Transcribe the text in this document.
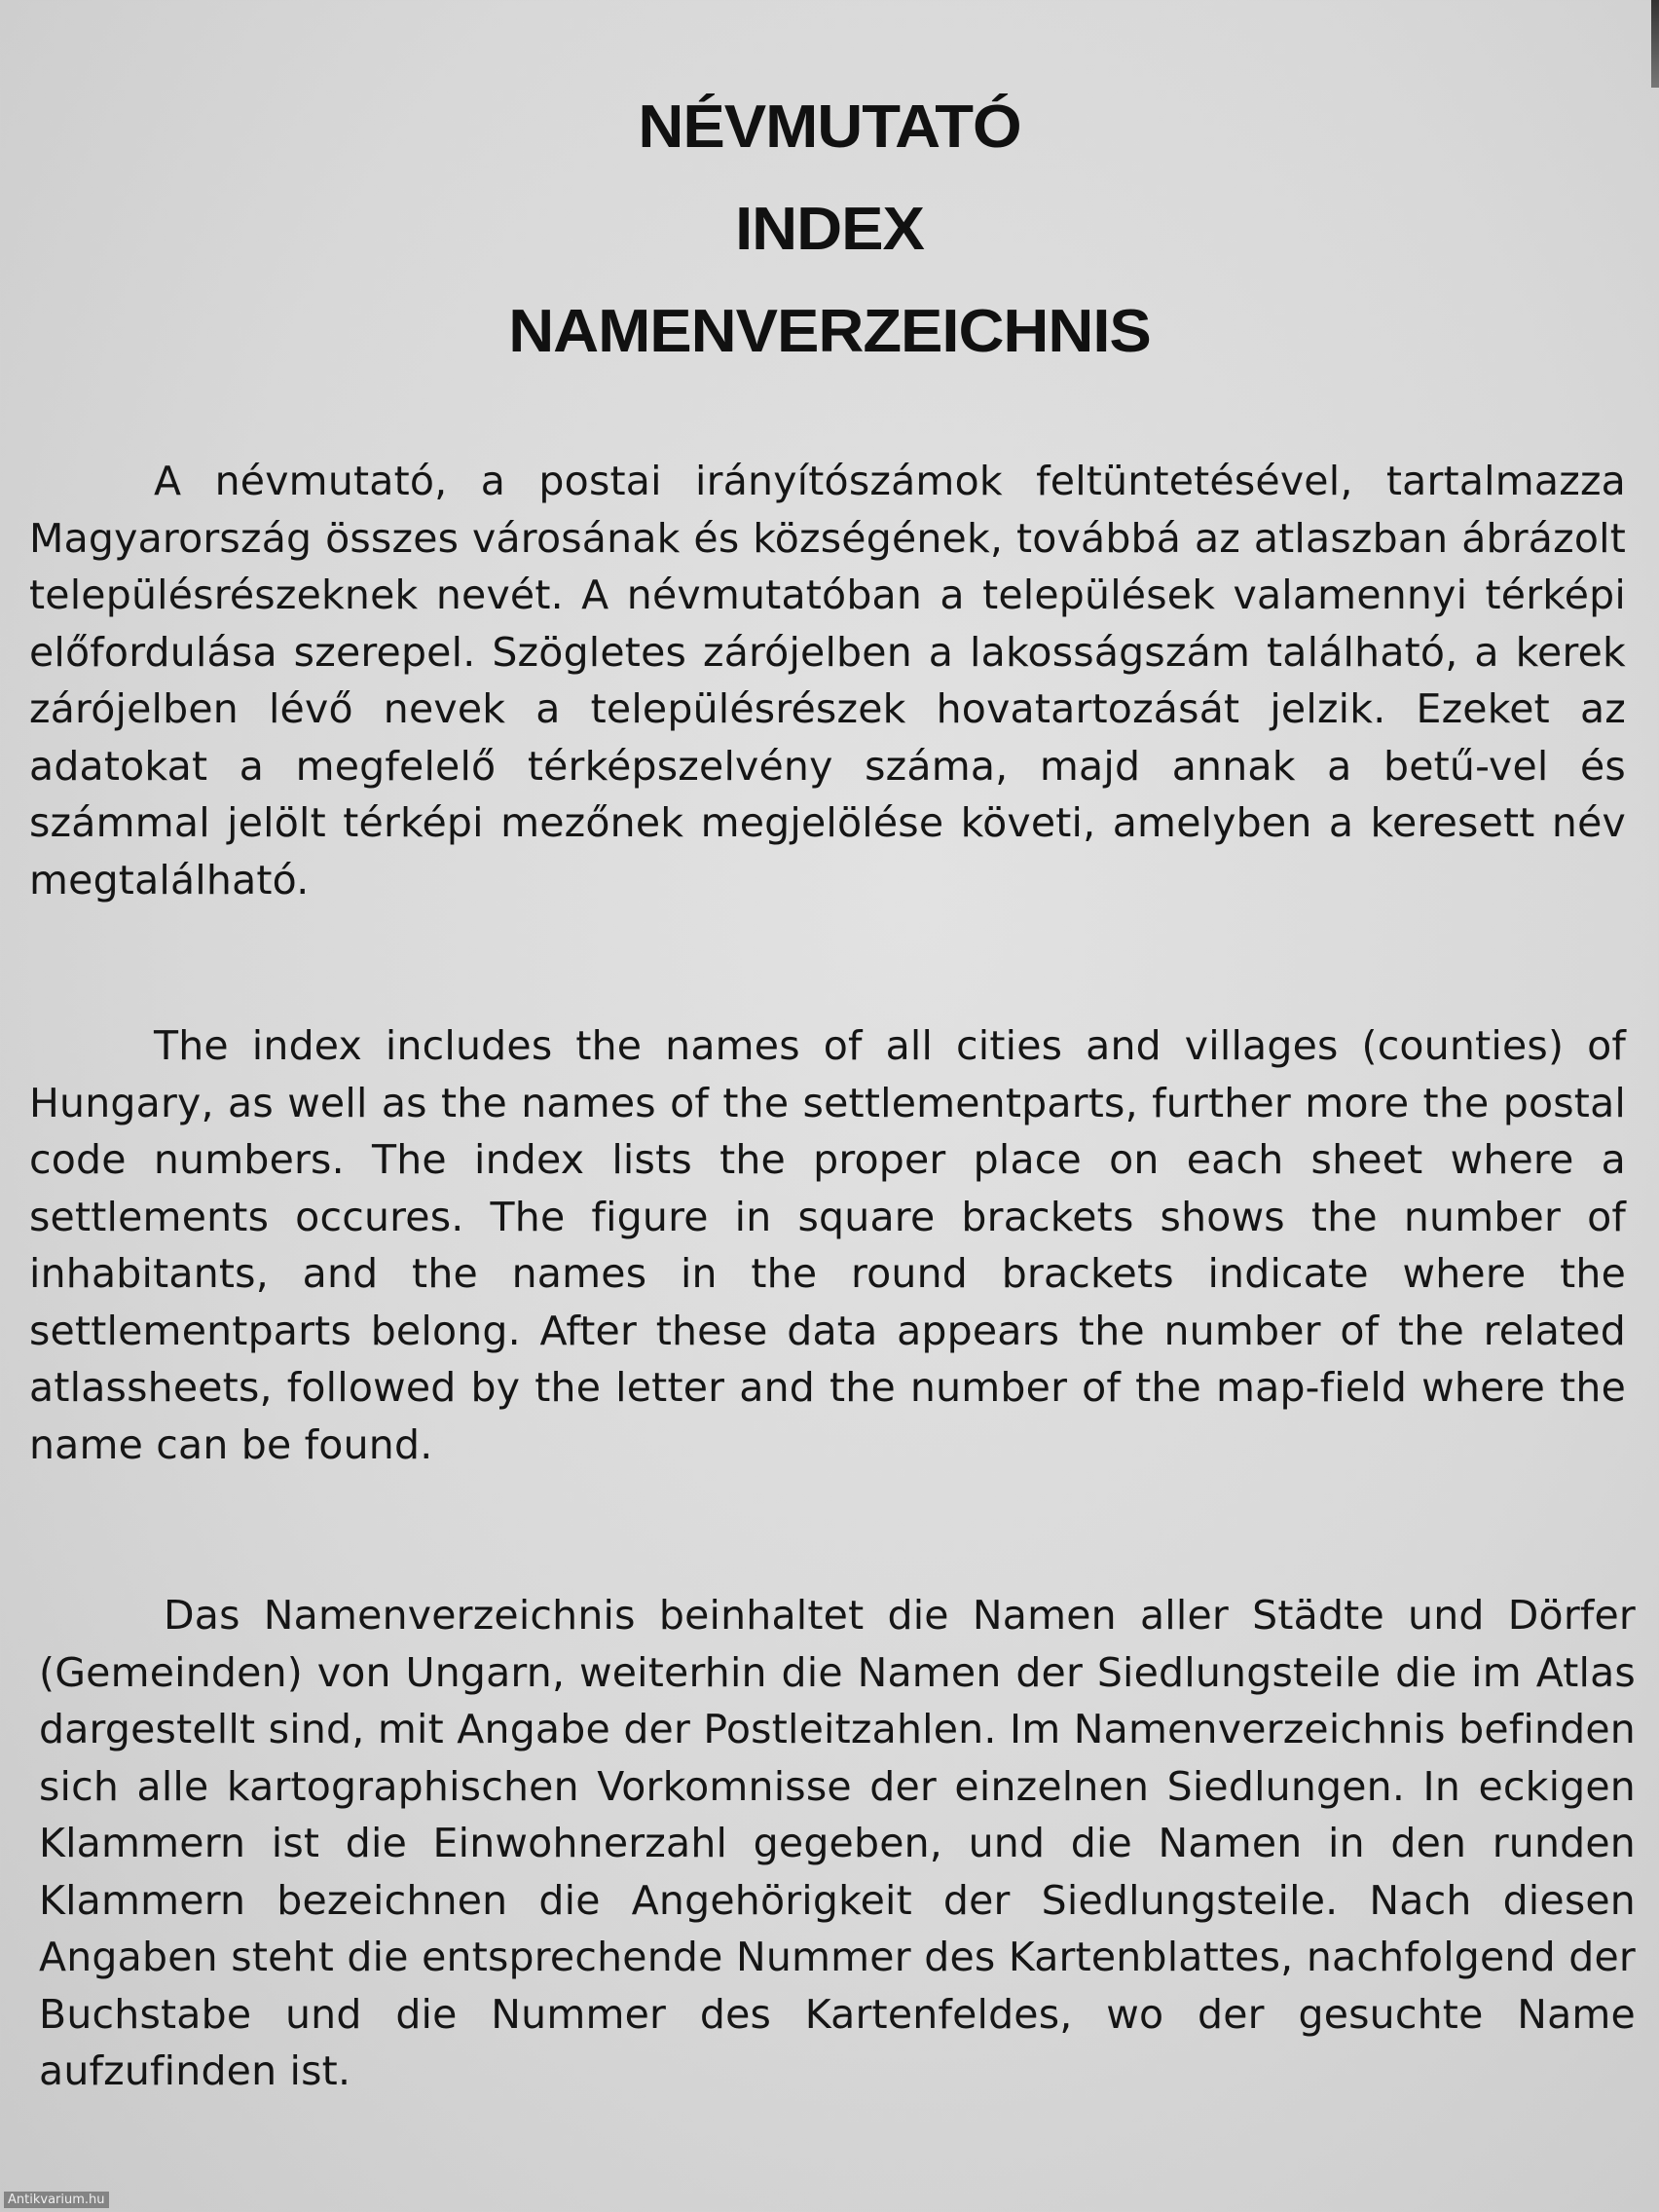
NÉVMUTATÓ
INDEX
NAMENVERZEICHNIS
A névmutató, a postai irányítószámok feltüntetésével, tartalmazza Magyarország összes városának és községének, továbbá az atlaszban ábrázolt településrészeknek nevét. A névmutatóban a települések valamennyi térképi előfordulása szerepel. Szögletes zárójelben a lakosságszám található, a kerek zárójelben lévő nevek a településrészek hovatartozását jelzik. Ezeket az adatokat a megfelelő térképszelvény száma, majd annak a betű-vel és számmal jelölt térképi mezőnek megjelölése követi, amelyben a keresett név megtalálható.
The index includes the names of all cities and villages (counties) of Hungary, as well as the names of the settlementparts, further more the postal code numbers. The index lists the proper place on each sheet where a settlements occures. The figure in square brackets shows the number of inhabitants, and the names in the round brackets indicate where the settlementparts belong. After these data appears the number of the related atlassheets, followed by the letter and the number of the map-field where the name can be found.
Das Namenverzeichnis beinhaltet die Namen aller Städte und Dörfer (Gemeinden) von Ungarn, weiterhin die Namen der Siedlungsteile die im Atlas dargestellt sind, mit Angabe der Postleitzahlen. Im Namenverzeichnis befinden sich alle kartographischen Vorkomnisse der einzelnen Siedlungen. In eckigen Klammern ist die Einwohnerzahl gegeben, und die Namen in den runden Klammern bezeichnen die Angehörigkeit der Siedlungsteile. Nach diesen Angaben steht die entsprechende Nummer des Kartenblattes, nachfolgend der Buchstabe und die Nummer des Kartenfeldes, wo der gesuchte Name aufzufinden ist.
Antikvarium.hu
